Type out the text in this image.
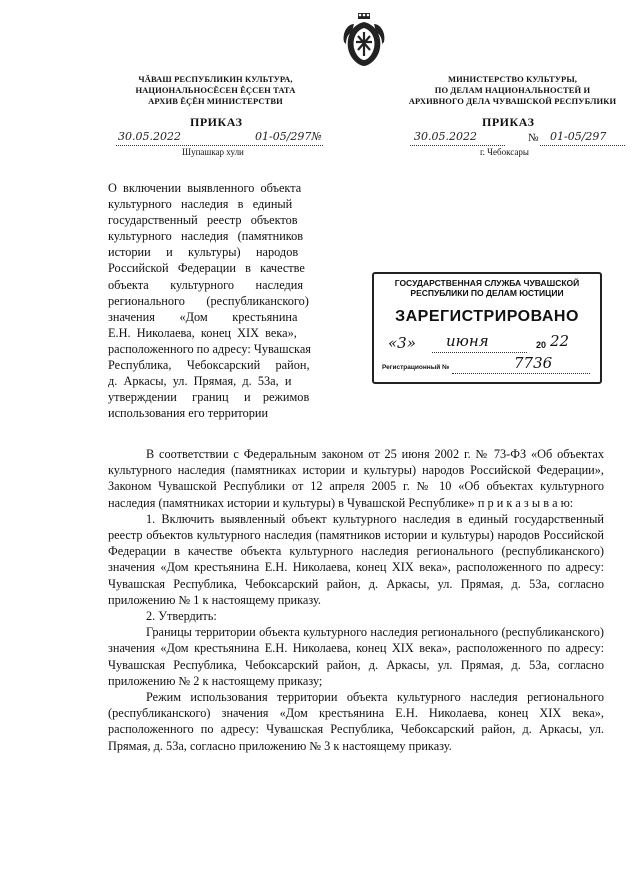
ЧĂВАШ РЕСПУБЛИКИН КУЛЬТУРА,
НАЦИОНАЛЬНОСĔСЕН ĔÇСЕН ТАТА
АРХИВ ĔÇĔН МИНИСТЕРСТВИ
МИНИСТЕРСТВО КУЛЬТУРЫ,
ПО ДЕЛАМ НАЦИОНАЛЬНОСТЕЙ И
АРХИВНОГО ДЕЛА ЧУВАШСКОЙ РЕСПУБЛИКИ
ПРИКАЗ	ПРИКАЗ
30.05.2022	01-05/297№
Шупашкар хули
30.05.2022	№ 01-05/297
г. Чебоксары
О  включении  выявленного  объекта
культурного   наследия   в   единый
государственный   реестр   объектов
культурного   наследия   (памятников
истории     и     культуры)     народов
Российской   Федерации   в   качестве
объекта       культурного       наследия
регионального       (республиканского)
значения        «Дом        крестьянина
Е.Н.  Николаева,  конец  XIX  века»,
расположенного по адресу: Чувашская
Республика,     Чебоксарский     район,
д.  Аркасы,  ул.  Прямая,  д.  53а,  и
утверждении     границ     и    режимов
использования его территории
ГОСУДАРСТВЕННАЯ СЛУЖБА ЧУВАШСКОЙ
РЕСПУБЛИКИ ПО ДЕЛАМ ЮСТИЦИИ
ЗАРЕГИСТРИРОВАНО
«3» июня	20 22
Регистрационный №	7736

В соответствии с Федеральным законом от 25 июня 2002 г. № 73-ФЗ «Об объектах культурного наследия (памятниках истории и культуры) народов Российской Федерации», Законом Чувашской Республики от 12 апреля 2005 г. № 10 «Об объектах культурного наследия (памятниках истории и культуры) в Чувашской Республике» п р и к а з ы в а ю:

1. Включить выявленный объект культурного наследия в единый государственный реестр объектов культурного наследия (памятников истории и культуры) народов Российской Федерации в качестве объекта культурного наследия регионального (республиканского) значения «Дом крестьянина Е.Н. Николаева, конец XIX века», расположенного по адресу: Чувашская Республика, Чебоксарский район, д. Аркасы, ул. Прямая, д. 53а, согласно приложению № 1 к настоящему приказу.

2. Утвердить:

Границы территории объекта культурного наследия регионального (республиканского) значения «Дом крестьянина Е.Н. Николаева, конец XIX века», расположенного по адресу: Чувашская Республика, Чебоксарский район, д. Аркасы, ул. Прямая, д. 53а, согласно приложению № 2 к настоящему приказу;

Режим использования территории объекта культурного наследия регионального (республиканского) значения «Дом крестьянина Е.Н. Николаева, конец XIX века», расположенного по адресу: Чувашская Республика, Чебоксарский район, д. Аркасы, ул. Прямая, д. 53а, согласно приложению № 3 к настоящему приказу.
